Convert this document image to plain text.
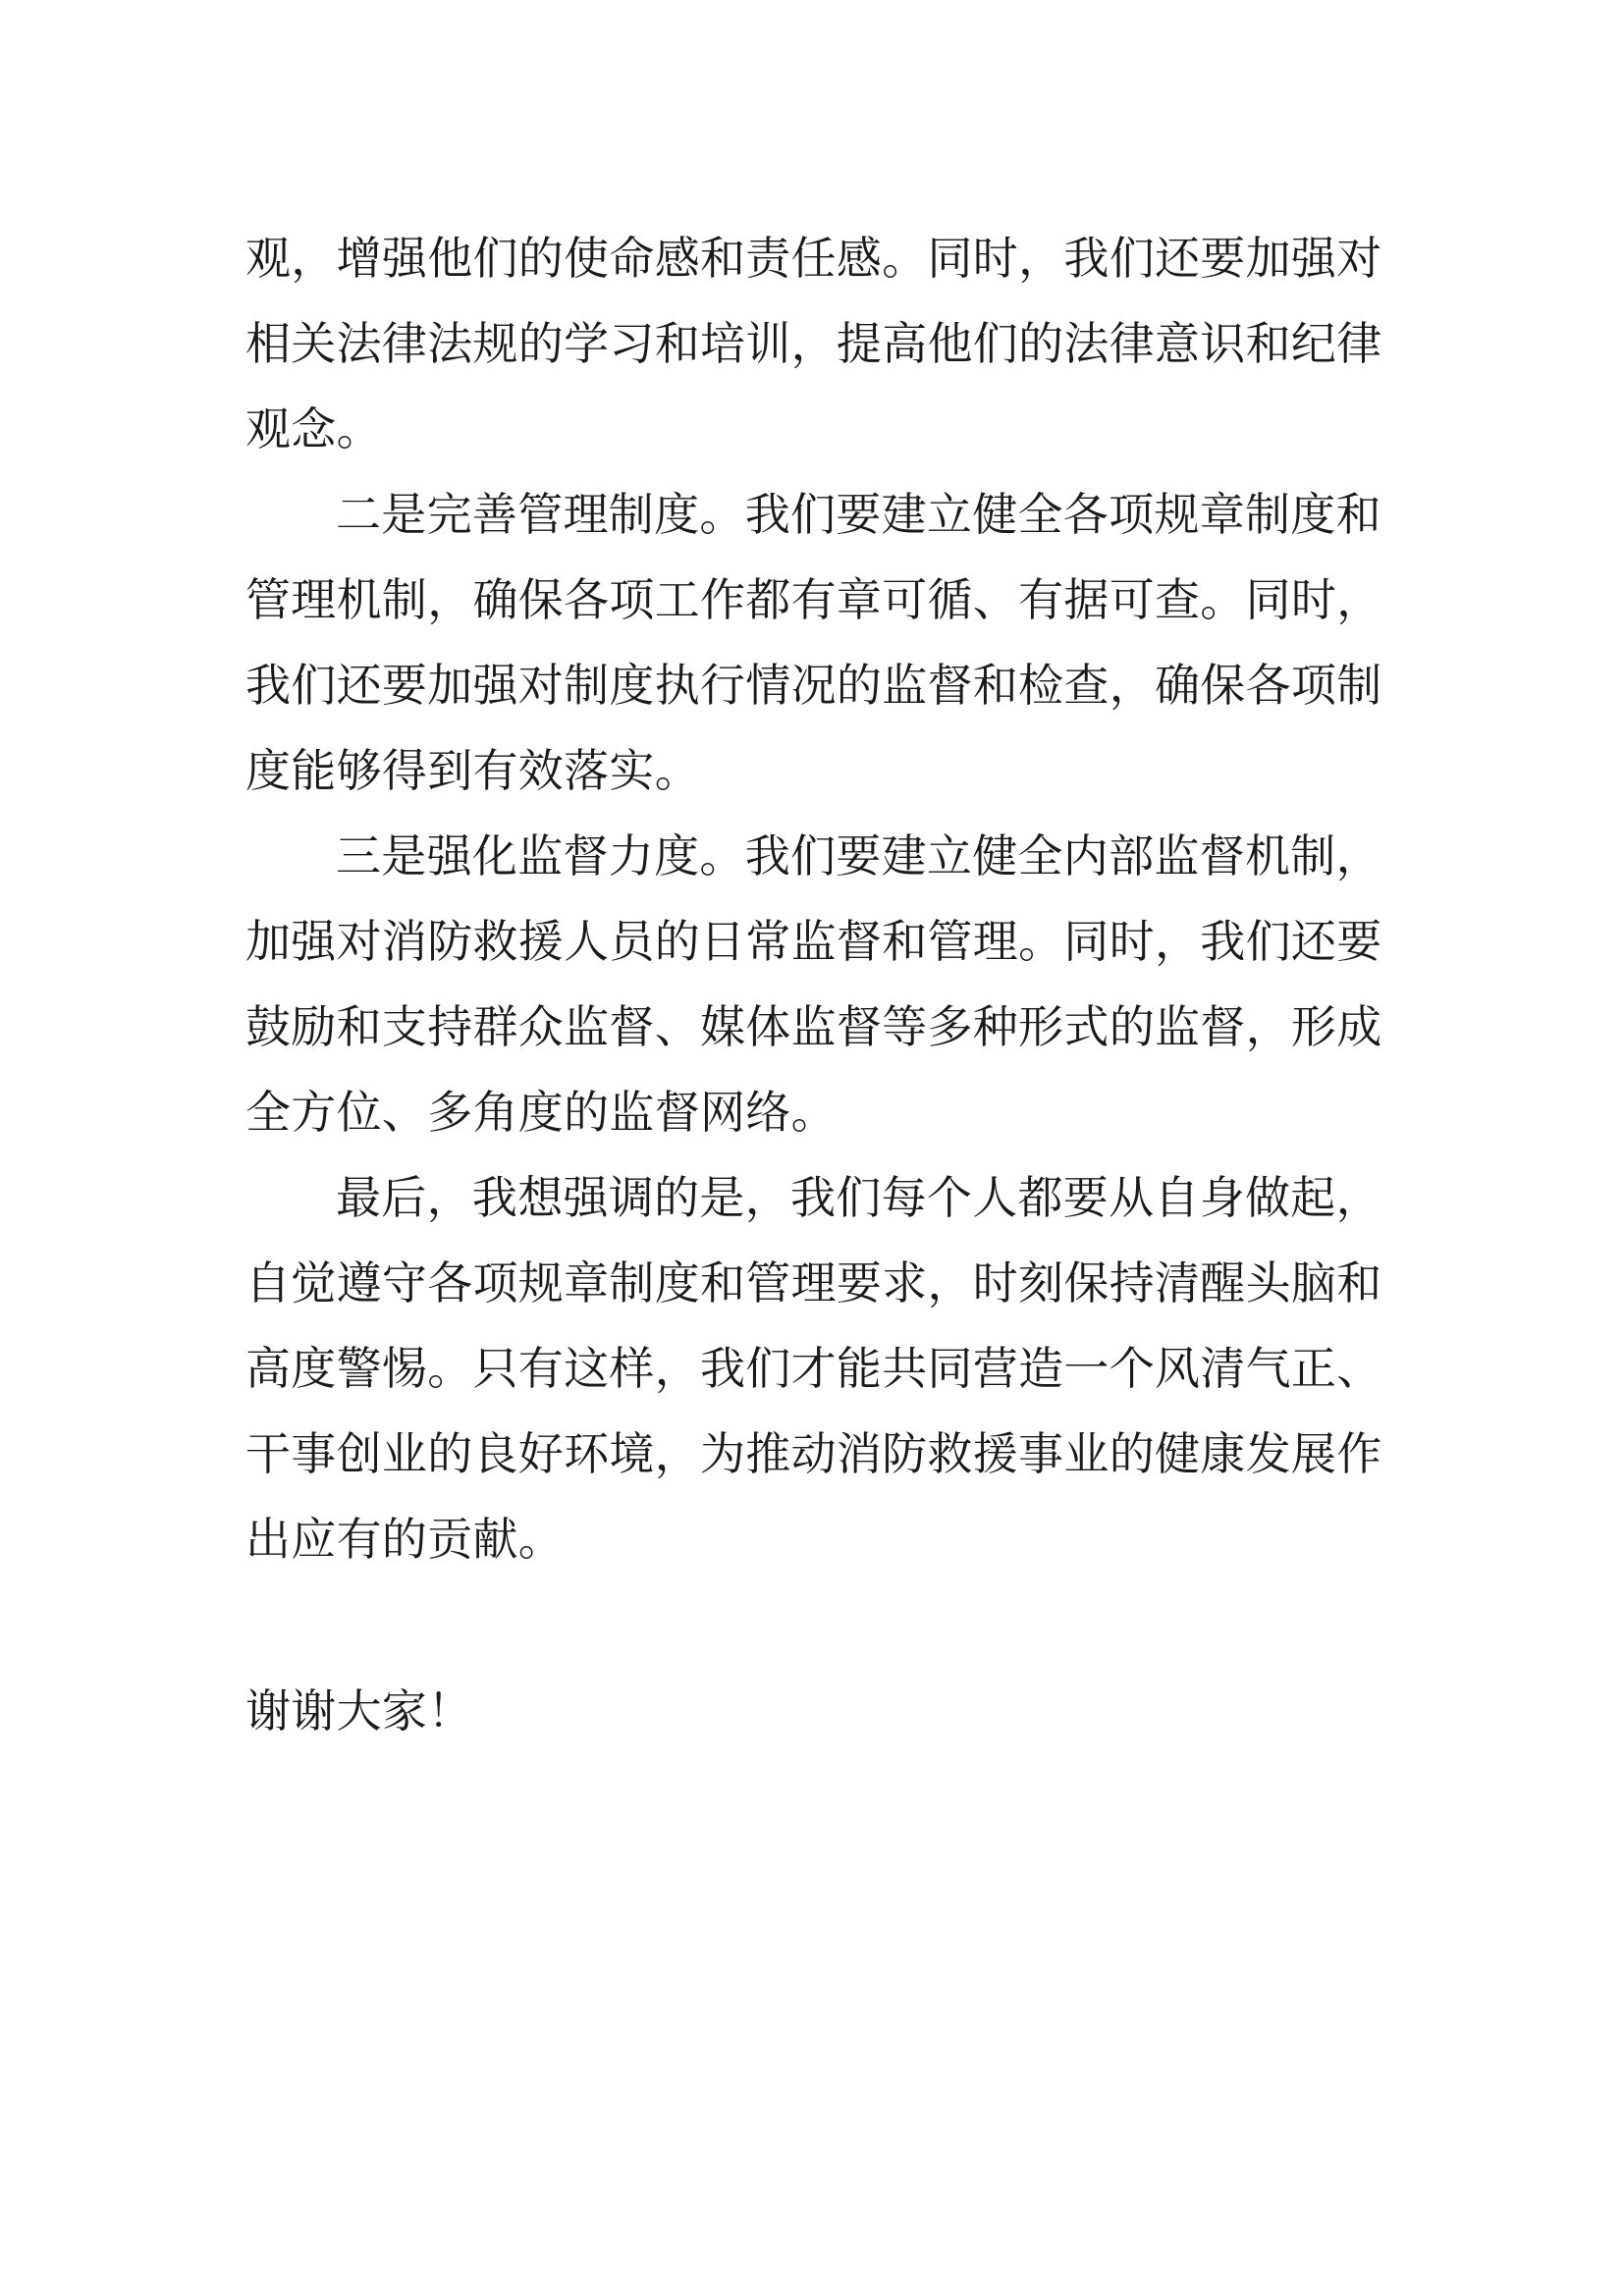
观，增强他们的使命感和责任感。同时，我们还要加强对
相关法律法规的学习和培训，提高他们的法律意识和纪律
观念。

二是完善管理制度。我们要建立健全各项规章制度和
管理机制，确保各项工作都有章可循、有据可查。同时，
我们还要加强对制度执行情况的监督和检查，确保各项制
度能够得到有效落实。

三是强化监督力度。我们要建立健全内部监督机制，
加强对消防救援人员的日常监督和管理。同时，我们还要
鼓励和支持群众监督、媒体监督等多种形式的监督，形成
全方位、多角度的监督网络。

最后，我想强调的是，我们每个人都要从自身做起，
自觉遵守各项规章制度和管理要求，时刻保持清醒头脑和
高度警惕。只有这样，我们才能共同营造一个风清气正、
干事创业的良好环境，为推动消防救援事业的健康发展作
出应有的贡献。

谢谢大家！
